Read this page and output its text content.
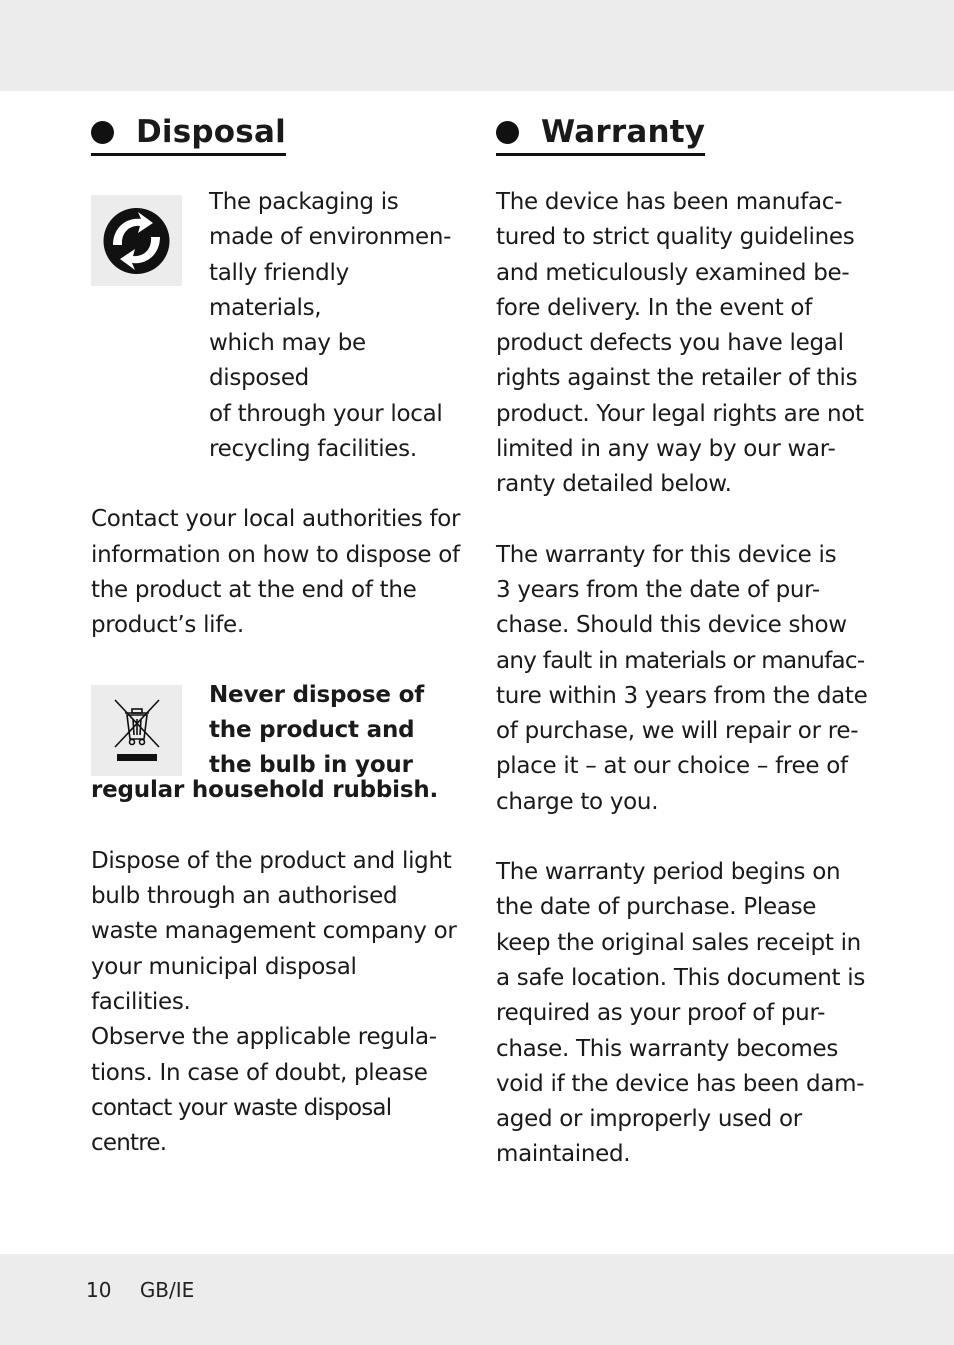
Disposal

The packaging is

made of environmen-

tally friendly materials,

which may be disposed

of through your local

recycling facilities.

Contact your local authorities for

information on how to dispose of

the product at the end of the

product’s life.

Never dispose of

the product and

the bulb in your

regular household rubbish.

Dispose of the product and light

bulb through an authorised

waste management company or

your municipal disposal facilities.

Observe the applicable regula-

tions. In case of doubt, please

contact your waste disposal centre.

Warranty

The device has been manufac-

tured to strict quality guidelines

and meticulously examined be-

fore delivery. In the event of

product defects you have legal

rights against the retailer of this

product. Your legal rights are not

limited in any way by our war-

ranty detailed below.

The warranty for this device is

3 years from the date of pur-

chase. Should this device show

any fault in materials or manufac-

ture within 3 years from the date

of purchase, we will repair or re-

place it – at our choice – free of

charge to you.

The warranty period begins on

the date of purchase. Please

keep the original sales receipt in

a safe location. This document is

required as your proof of pur-

chase. This warranty becomes

void if the device has been dam-

aged or improperly used or

maintained.

10 GB/IE
